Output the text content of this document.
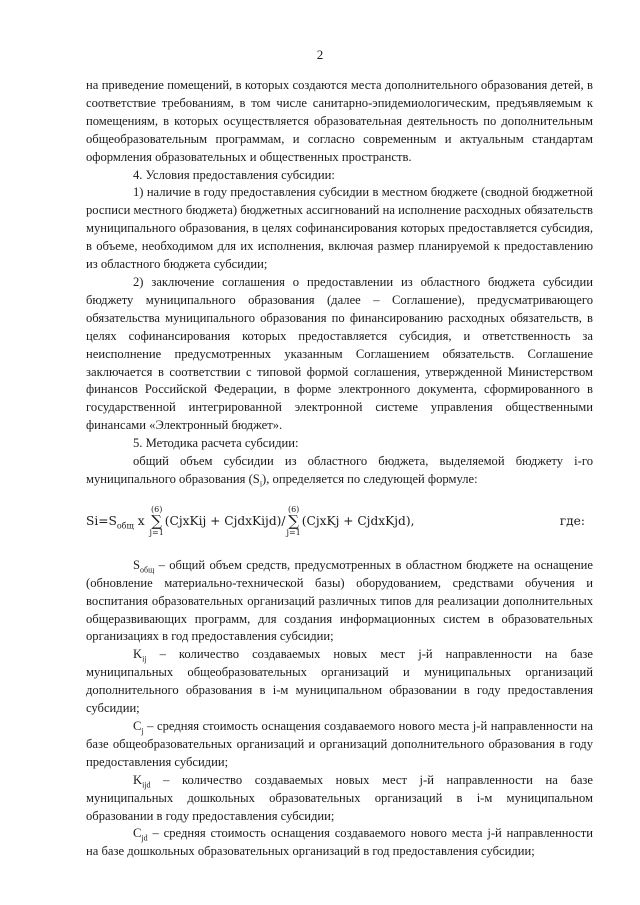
2

на приведение помещений, в которых создаются места дополнительного образования детей, в соответствие требованиям, в том числе санитарно-эпидемиологическим, предъявляемым к помещениям, в которых осуществляется образовательная деятельность по дополнительным общеобразовательным программам, и согласно современным и актуальным стандартам оформления образовательных и общественных пространств.

4. Условия предоставления субсидии:

1) наличие в году предоставления субсидии в местном бюджете (сводной бюджетной росписи местного бюджета) бюджетных ассигнований на исполнение расходных обязательств муниципального образования, в целях софинансирования которых предоставляется субсидия, в объеме, необходимом для их исполнения, включая размер планируемой к предоставлению из областного бюджета субсидии;

2) заключение соглашения о предоставлении из областного бюджета субсидии бюджету муниципального образования (далее – Соглашение), предусматривающего обязательства муниципального образования по финансированию расходных обязательств, в целях софинансирования которых предоставляется субсидия, и ответственность за неисполнение предусмотренных указанным Соглашением обязательств. Соглашение заключается в соответствии с типовой формой соглашения, утвержденной Министерством финансов Российской Федерации, в форме электронного документа, сформированного в государственной интегрированной электронной системе управления общественными финансами «Электронный бюджет».

5. Методика расчета субсидии:

общий объем субсидии из областного бюджета, выделяемой бюджету i-го муниципального образования $(S_i)$, определяется по следующей формуле:

$Si=S_{общ}$ x
(6)
∑
j=1
(CjxKij + CjdxKijd)/
(6)
∑
j=1
(CjxKj + CjdxKjd),	где:

$S_{общ}$ – общий объем средств, предусмотренных в областном бюджете на оснащение (обновление материально-технической базы) оборудованием, средствами обучения и воспитания образовательных организаций различных типов для реализации дополнительных общеразвивающих программ, для создания информационных систем в образовательных организациях в год предоставления субсидии;

$K_{ij}$ – количество создаваемых новых мест j-й направленности на базе муниципальных общеобразовательных организаций и муниципальных организаций дополнительного образования в i-м муниципальном образовании в году предоставления субсидии;

$C_j$ – средняя стоимость оснащения создаваемого нового места j-й направленности на базе общеобразовательных организаций и организаций дополнительного образования в году предоставления субсидии;

$K_{ijd}$ – количество создаваемых новых мест j-й направленности на базе муниципальных дошкольных образовательных организаций в i-м муниципальном образовании в году предоставления субсидии;

$C_{jd}$ – средняя стоимость оснащения создаваемого нового места j-й направленности на базе дошкольных образовательных организаций в год предоставления субсидии;
